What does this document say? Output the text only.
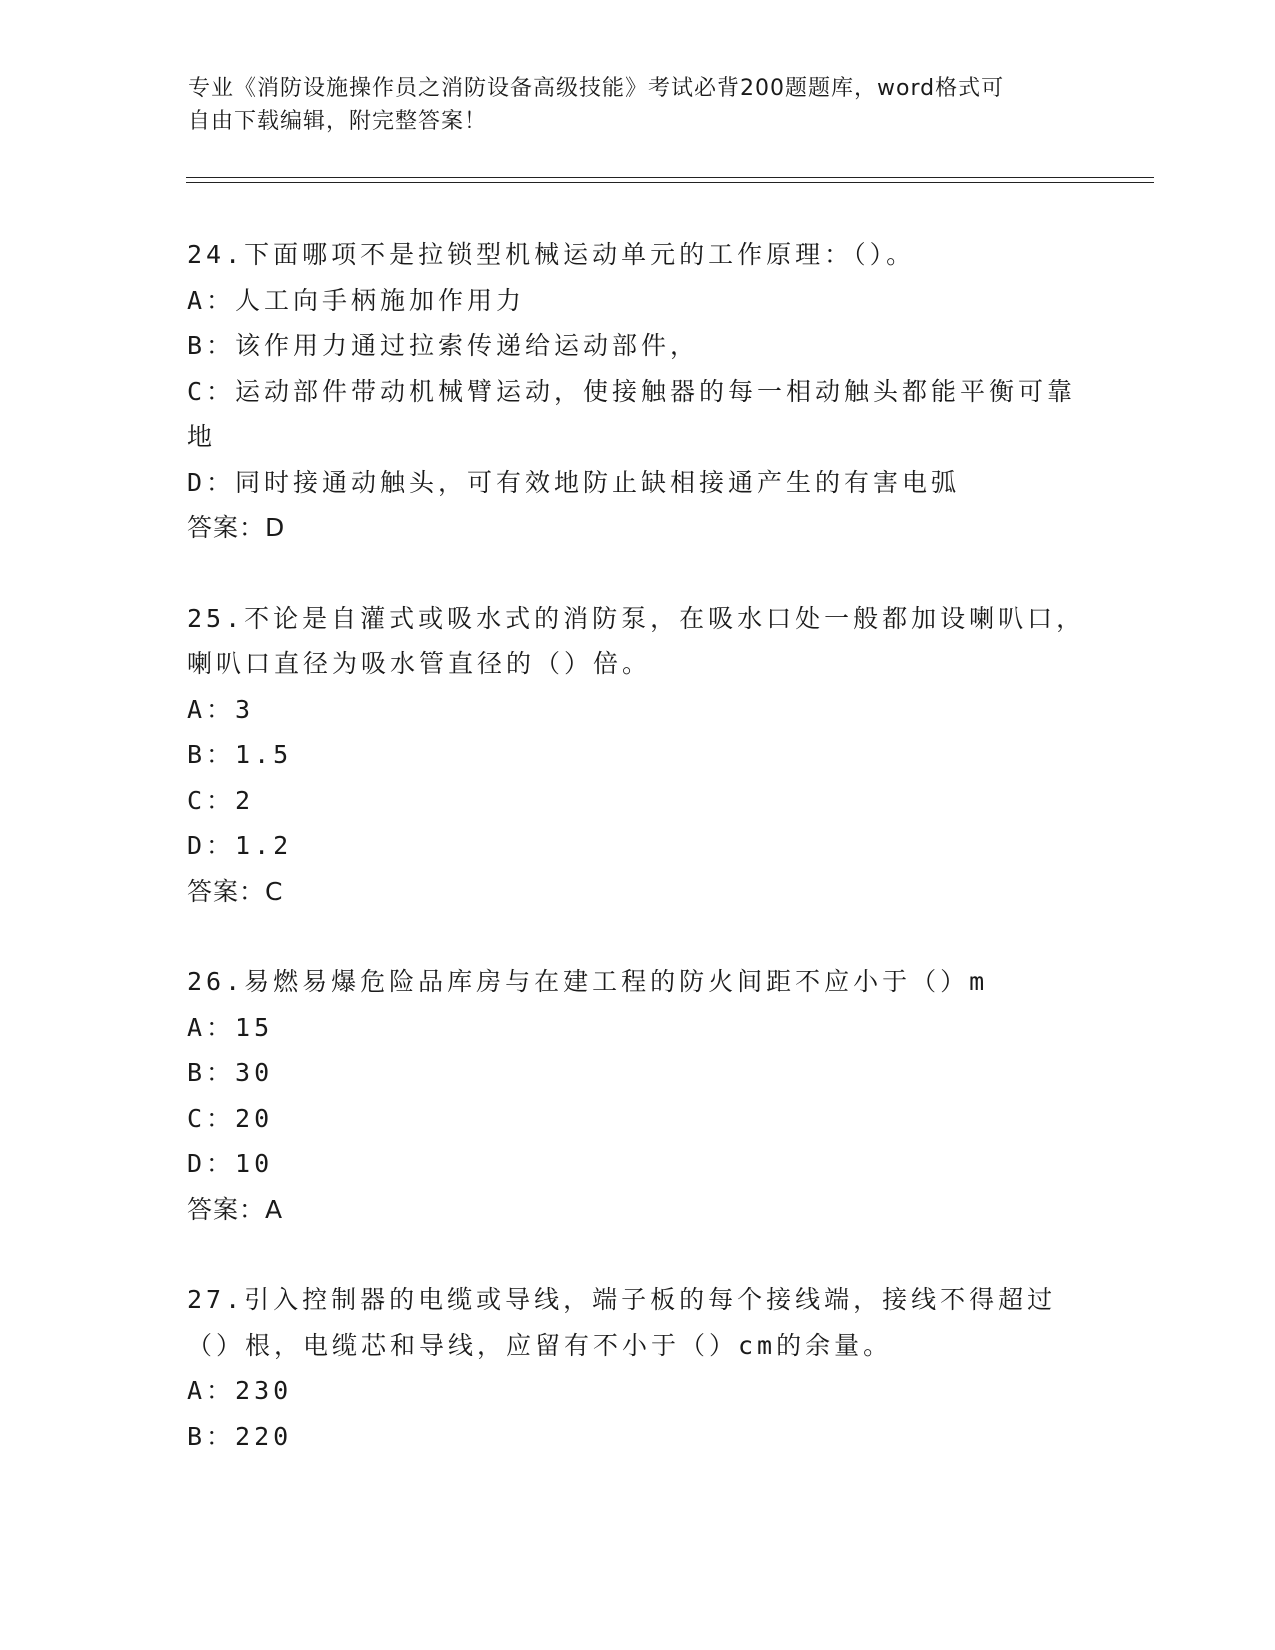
专业《消防设施操作员之消防设备高级技能》考试必背200题题库，word格式可
自由下载编辑，附完整答案！

24.下面哪项不是拉锁型机械运动单元的工作原理：（）。

A：人工向手柄施加作用力

B：该作用力通过拉索传递给运动部件，

C：运动部件带动机械臂运动，使接触器的每一相动触头都能平衡可靠地

D：同时接通动触头，可有效地防止缺相接通产生的有害电弧

答案：D

25.不论是自灌式或吸水式的消防泵，在吸水口处一般都加设喇叭口，喇叭口直径为吸水管直径的（）倍。

A：3

B：1.5

C：2

D：1.2

答案：C

26.易燃易爆危险品库房与在建工程的防火间距不应小于（）m

A：15

B：30

C：20

D：10

答案：A

27.引入控制器的电缆或导线，端子板的每个接线端，接线不得超过（）根，电缆芯和导线，应留有不小于（）cm的余量。

A：230

B：220
